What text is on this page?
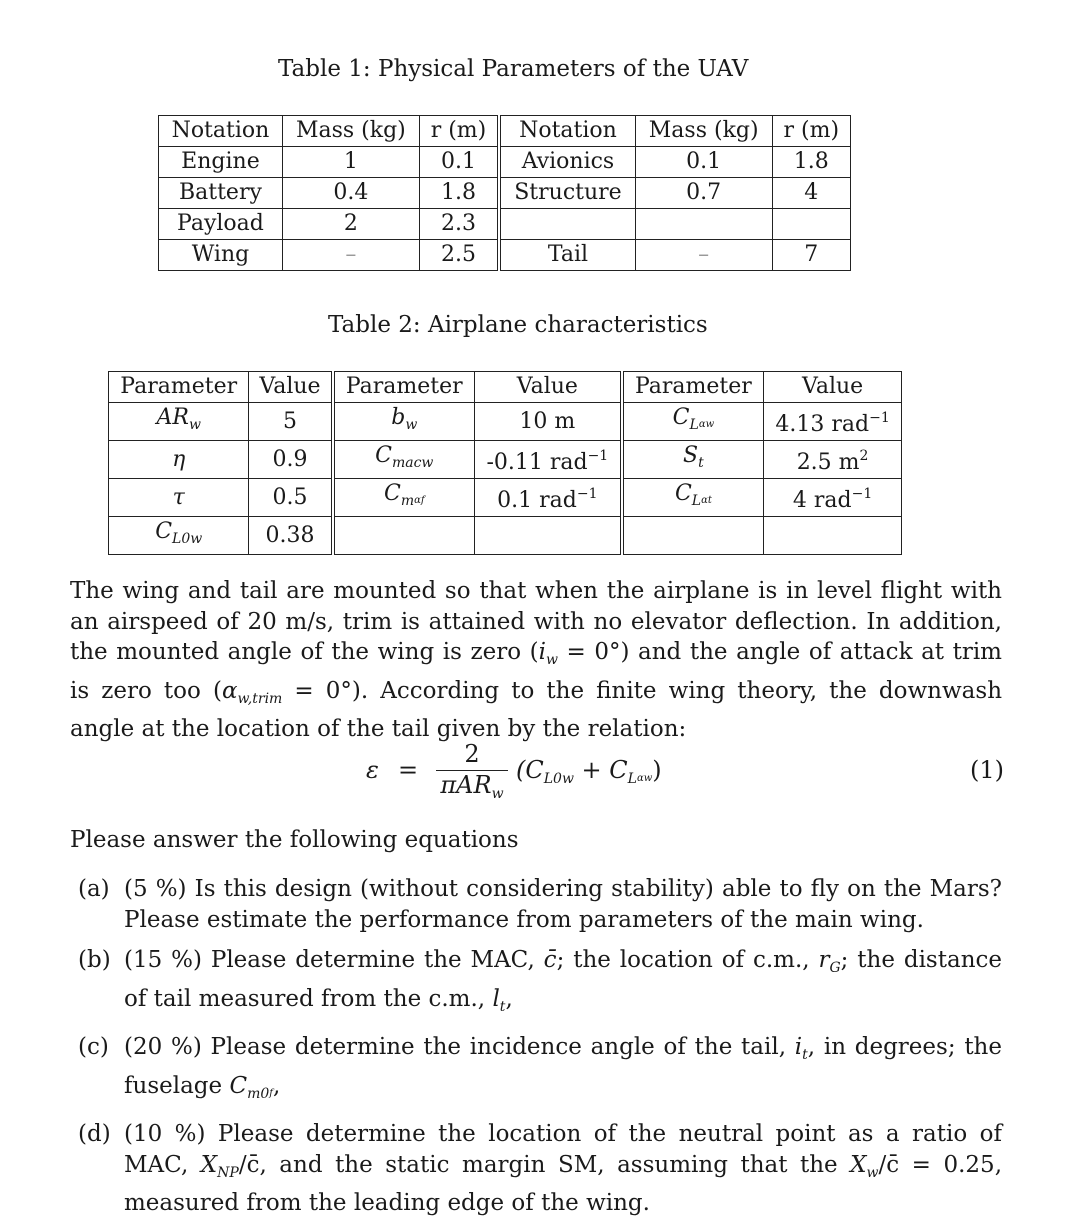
Table 1: Physical Parameters of the UAV
Notation	Mass (kg)	r (m)	Notation	Mass (kg)	r (m)
Engine	1	0.1	Avionics	0.1	1.8
Battery	0.4	1.8	Structure	0.7	4
Payload	2	2.3			
Wing	–	2.5	Tail	–	7
Table 2: Airplane characteristics
Parameter	Value	Parameter	Value	Parameter	Value
$AR_w$	5	$b_w$	10 m	$C_L\alpha w$	4.13 rad$^{-1}$
η	0.9	$C_{macw}$	-0.11 rad$^{-1}$	$S_t$	2.5 $m^2$
τ	0.5	$C_m\alpha f$	0.1 rad$^{-1}$	$C_L\alpha t$	4 rad$^{-1}$
$C_{L0w}$	0.38				
The wing and tail are mounted so that when the airplane is in level flight with an airspeed of 20 m/s, trim is attained with no elevator deflection. In addition, the mounted angle of the wing is zero $(i_w = 0^\circ)$ and the angle of attack at trim is zero too $(\alpha_{w,trim} = 0^\circ)$. According to the finite wing theory, the downwash angle at the location of the tail given by the relation:
ε =
2
πAR$_w$
$(C_{L0w} + C_L\alpha w)$	(1)
Please answer the following equations
(a) (5 %) Is this design (without considering stability) able to fly on the Mars? Please estimate the performance from parameters of the main wing.
(b) (15 %) Please determine the MAC, c̄; the location of c.m., $r_G$; the distance of tail measured from the c.m., $l_t$,
(c) (20 %) Please determine the incidence angle of the tail, $i_t$, in degrees; the fuselage $C_{m0}f$,
(d) (10 %) Please determine the location of the neutral point as a ratio of MAC, $X_{NP}/c̄$, and the static margin SM, assuming that the $X_w/c̄ = 0.25$, measured from the leading edge of the wing.
